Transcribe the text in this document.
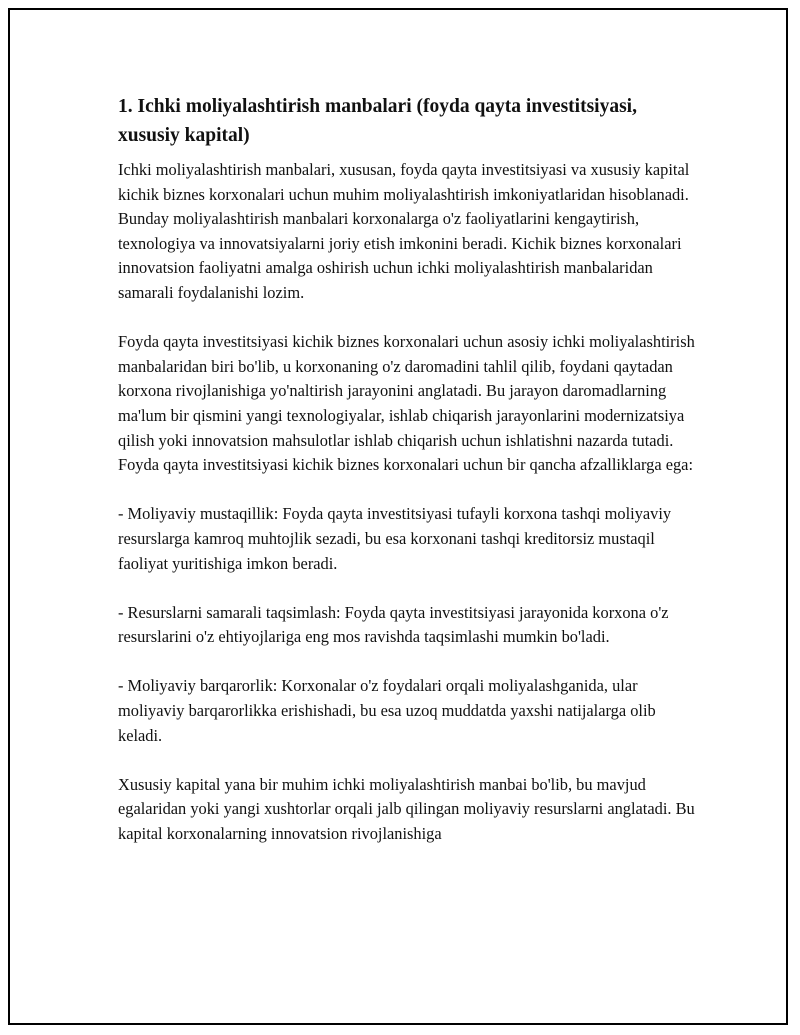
1. Ichki moliyalashtirish manbalari (foyda qayta investitsiyasi, xususiy kapital)

Ichki moliyalashtirish manbalari, xususan, foyda qayta investitsiyasi va xususiy kapital kichik biznes korxonalari uchun muhim moliyalashtirish imkoniyatlaridan hisoblanadi. Bunday moliyalashtirish manbalari korxonalarga o'z faoliyatlarini kengaytirish, texnologiya va innovatsiyalarni joriy etish imkonini beradi. Kichik biznes korxonalari innovatsion faoliyatni amalga oshirish uchun ichki moliyalashtirish manbalaridan samarali foydalanishi lozim.

Foyda qayta investitsiyasi kichik biznes korxonalari uchun asosiy ichki moliyalashtirish manbalaridan biri bo'lib, u korxonaning o'z daromadini tahlil qilib, foydani qaytadan korxona rivojlanishiga yo'naltirish jarayonini anglatadi. Bu jarayon daromadlarning ma'lum bir qismini yangi texnologiyalar, ishlab chiqarish jarayonlarini modernizatsiya qilish yoki innovatsion mahsulotlar ishlab chiqarish uchun ishlatishni nazarda tutadi. Foyda qayta investitsiyasi kichik biznes korxonalari uchun bir qancha afzalliklarga ega:

- Moliyaviy mustaqillik: Foyda qayta investitsiyasi tufayli korxona tashqi moliyaviy resurslarga kamroq muhtojlik sezadi, bu esa korxonani tashqi kreditorsiz mustaqil faoliyat yuritishiga imkon beradi.

- Resurslarni samarali taqsimlash: Foyda qayta investitsiyasi jarayonida korxona o'z resurslarini o'z ehtiyojlariga eng mos ravishda taqsimlashi mumkin bo'ladi.

- Moliyaviy barqarorlik: Korxonalar o'z foydalari orqali moliyalashganida, ular moliyaviy barqarorlikka erishishadi, bu esa uzoq muddatda yaxshi natijalarga olib keladi.

Xususiy kapital yana bir muhim ichki moliyalashtirish manbai bo'lib, bu mavjud egalaridan yoki yangi xushtorlar orqali jalb qilingan moliyaviy resurslarni anglatadi. Bu kapital korxonalarning innovatsion rivojlanishiga
